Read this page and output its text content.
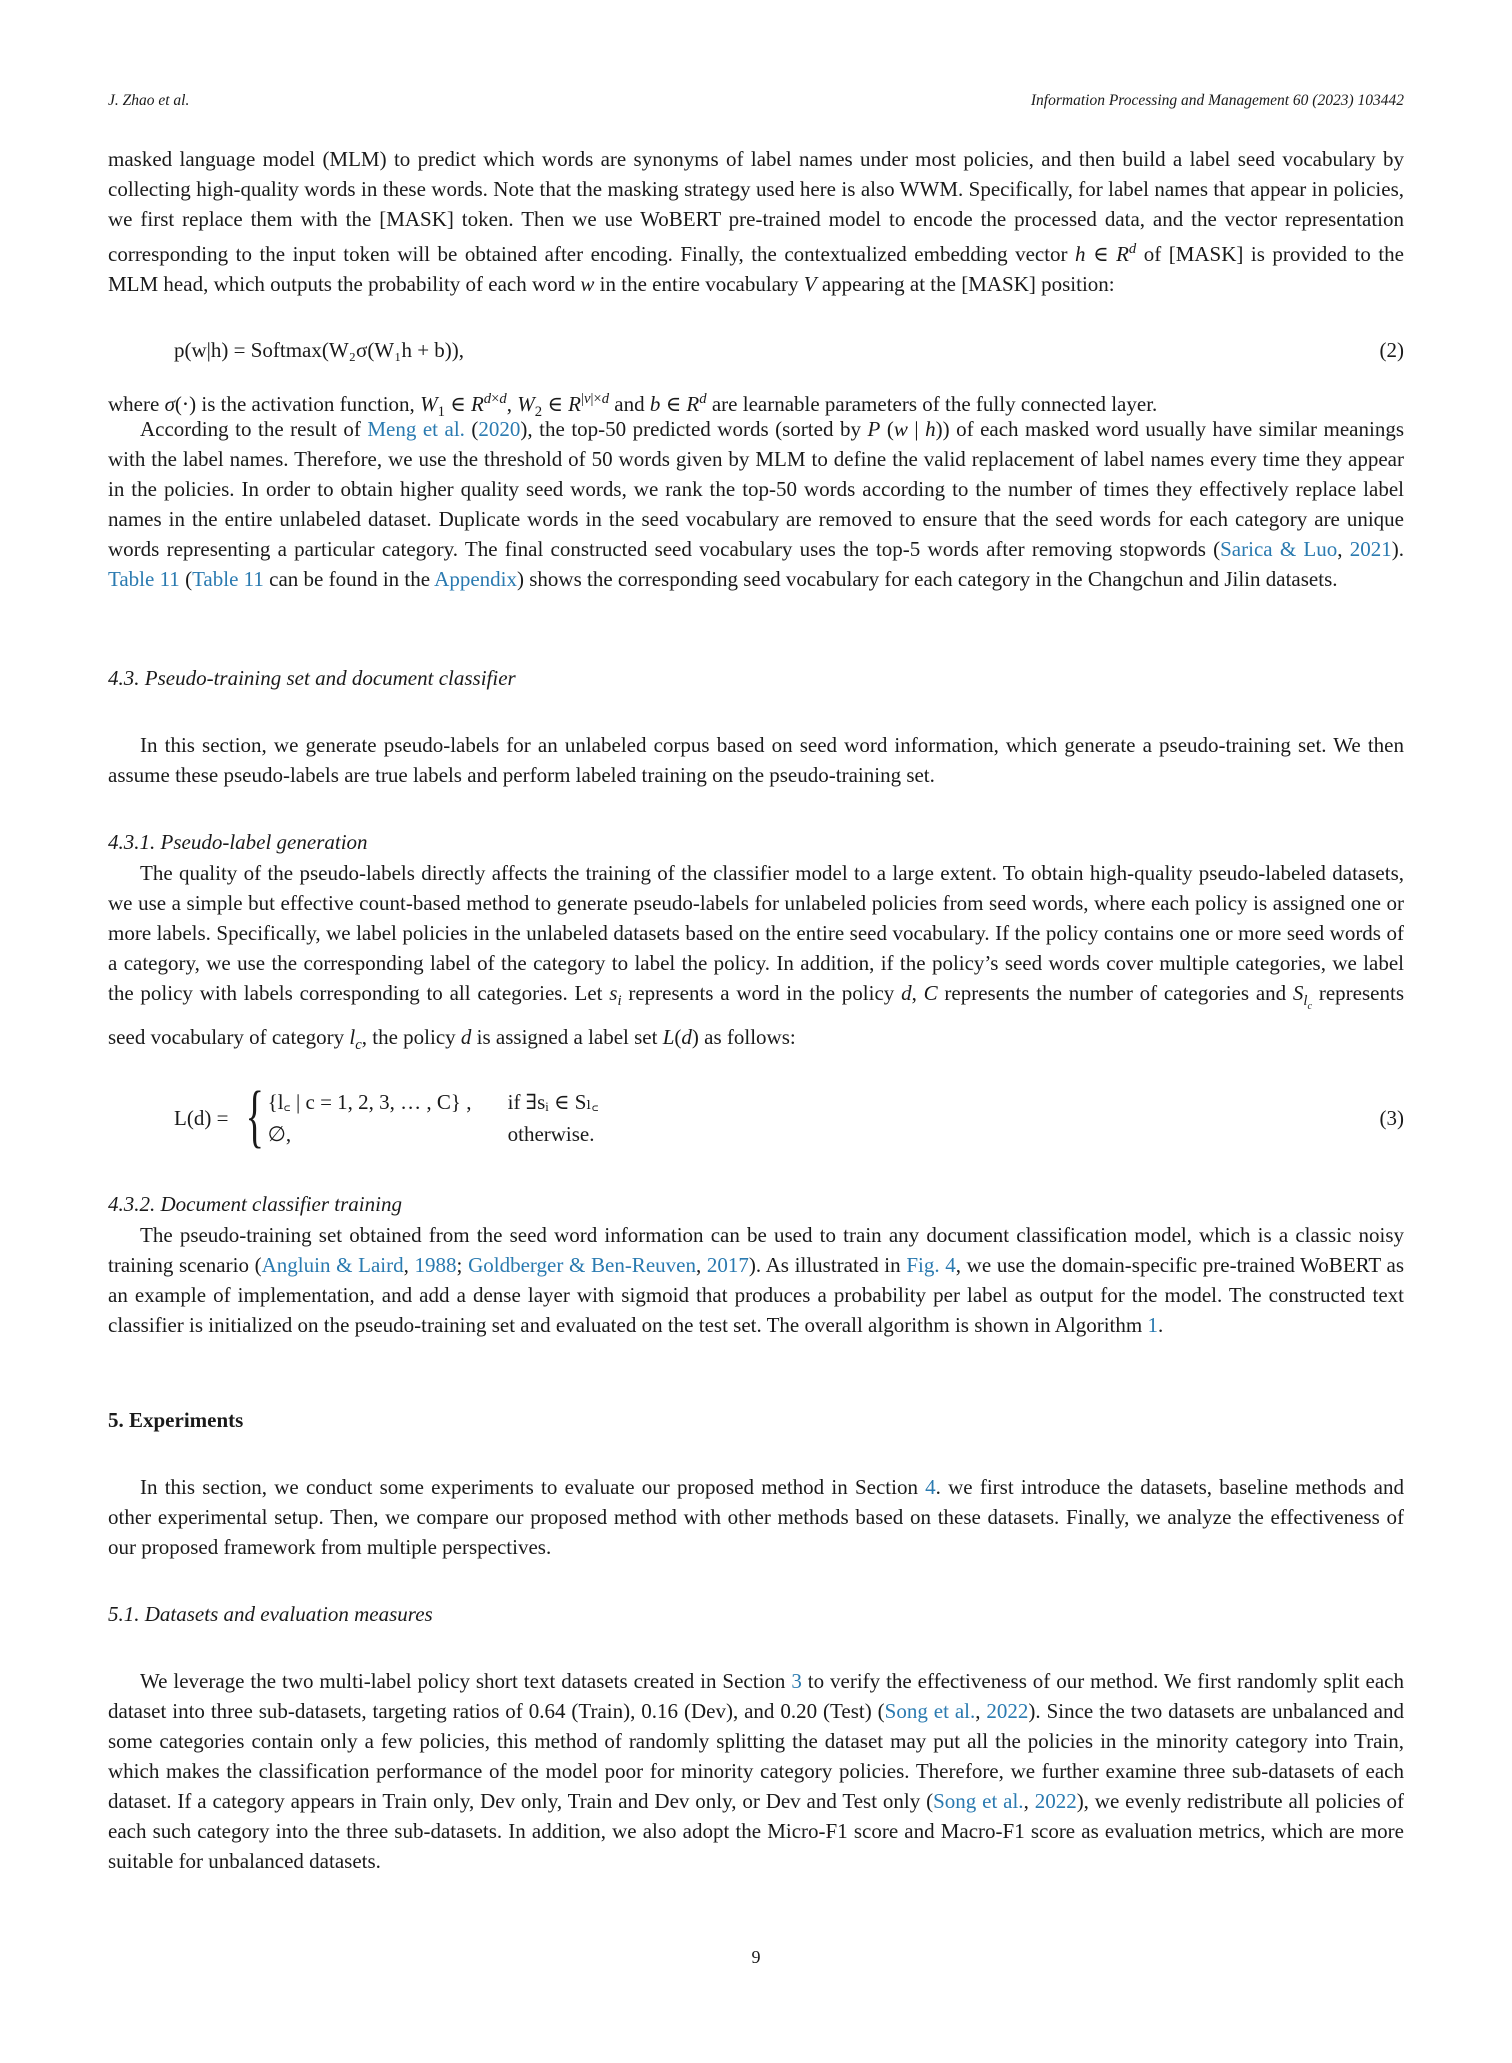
J. Zhao et al.	Information Processing and Management 60 (2023) 103442

masked language model (MLM) to predict which words are synonyms of label names under most policies, and then build a label seed vocabulary by collecting high-quality words in these words. Note that the masking strategy used here is also WWM. Specifically, for label names that appear in policies, we first replace them with the [MASK] token. Then we use WoBERT pre-trained model to encode the processed data, and the vector representation corresponding to the input token will be obtained after encoding. Finally, the contextualized embedding vector h ∈ $R^d$ of [MASK] is provided to the MLM head, which outputs the probability of each word w in the entire vocabulary V appearing at the [MASK] position:

p(w|h) = Softmax(W₂σ(W₁h + b)),	(2)

where σ(⋅) is the activation function, $W_1$ ∈ $R^{d\times d}$, $W_2$ ∈ $R^{|v|\times d}$ and b ∈ $R^d$ are learnable parameters of the fully connected layer.

According to the result of Meng et al. (2020), the top-50 predicted words (sorted by P (w | h)) of each masked word usually have similar meanings with the label names. Therefore, we use the threshold of 50 words given by MLM to define the valid replacement of label names every time they appear in the policies. In order to obtain higher quality seed words, we rank the top-50 words according to the number of times they effectively replace label names in the entire unlabeled dataset. Duplicate words in the seed vocabulary are removed to ensure that the seed words for each category are unique words representing a particular category. The final constructed seed vocabulary uses the top-5 words after removing stopwords (Sarica & Luo, 2021). Table 11 (Table 11 can be found in the Appendix) shows the corresponding seed vocabulary for each category in the Changchun and Jilin datasets.

4.3. Pseudo-training set and document classifier

In this section, we generate pseudo-labels for an unlabeled corpus based on seed word information, which generate a pseudo-training set. We then assume these pseudo-labels are true labels and perform labeled training on the pseudo-training set.

4.3.1. Pseudo-label generation

The quality of the pseudo-labels directly affects the training of the classifier model to a large extent. To obtain high-quality pseudo-labeled datasets, we use a simple but effective count-based method to generate pseudo-labels for unlabeled policies from seed words, where each policy is assigned one or more labels. Specifically, we label policies in the unlabeled datasets based on the entire seed vocabulary. If the policy contains one or more seed words of a category, we use the corresponding label of the category to label the policy. In addition, if the policy’s seed words cover multiple categories, we label the policy with labels corresponding to all categories. Let $s_i$ represents a word in the policy d, C represents the number of categories and $S_{l_c}$ represents seed vocabulary of category $l_c$, the policy d is assigned a label set L(d) as follows:

L(d) = { {l꜀ | c = 1, 2, 3, … , C} ,	if ∃sᵢ ∈ Sₗ꜀
∅,	otherwise.
(3)
4.3.2. Document classifier training

The pseudo-training set obtained from the seed word information can be used to train any document classification model, which is a classic noisy training scenario (Angluin & Laird, 1988; Goldberger & Ben-Reuven, 2017). As illustrated in Fig. 4, we use the domain-specific pre-trained WoBERT as an example of implementation, and add a dense layer with sigmoid that produces a probability per label as output for the model. The constructed text classifier is initialized on the pseudo-training set and evaluated on the test set. The overall algorithm is shown in Algorithm 1.

5. Experiments

In this section, we conduct some experiments to evaluate our proposed method in Section 4. we first introduce the datasets, baseline methods and other experimental setup. Then, we compare our proposed method with other methods based on these datasets. Finally, we analyze the effectiveness of our proposed framework from multiple perspectives.

5.1. Datasets and evaluation measures

We leverage the two multi-label policy short text datasets created in Section 3 to verify the effectiveness of our method. We first randomly split each dataset into three sub-datasets, targeting ratios of 0.64 (Train), 0.16 (Dev), and 0.20 (Test) (Song et al., 2022). Since the two datasets are unbalanced and some categories contain only a few policies, this method of randomly splitting the dataset may put all the policies in the minority category into Train, which makes the classification performance of the model poor for minority category policies. Therefore, we further examine three sub-datasets of each dataset. If a category appears in Train only, Dev only, Train and Dev only, or Dev and Test only (Song et al., 2022), we evenly redistribute all policies of each such category into the three sub-datasets. In addition, we also adopt the Micro-F1 score and Macro-F1 score as evaluation metrics, which are more suitable for unbalanced datasets.

9
